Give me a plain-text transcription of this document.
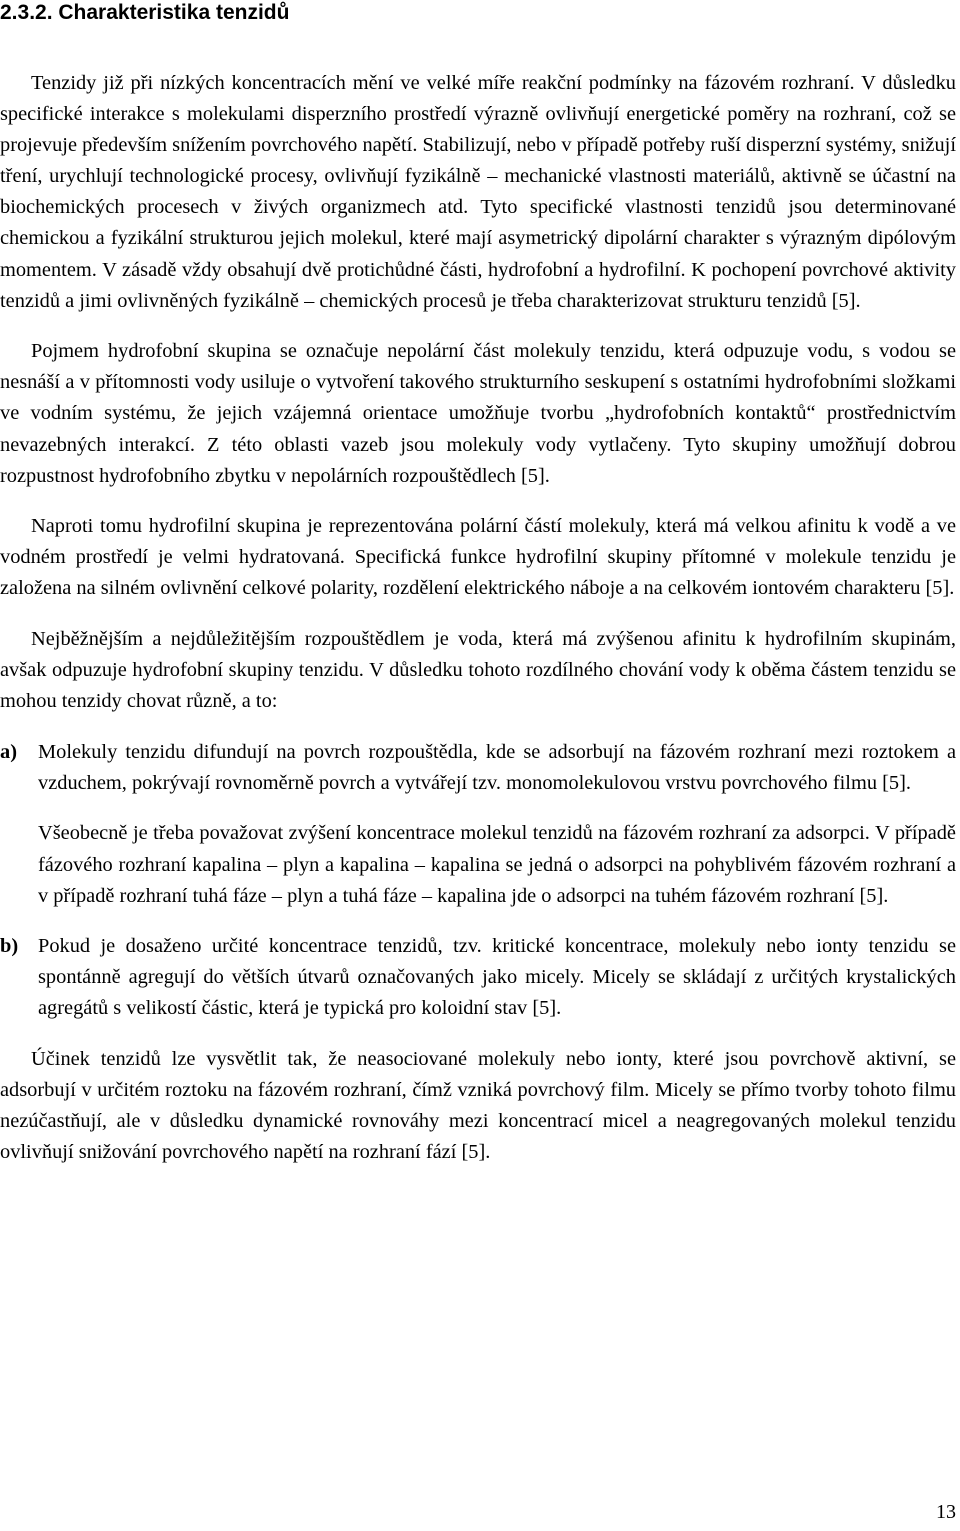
2.3.2. Charakteristika tenzidů

Tenzidy již při nízkých koncentracích mění ve velké míře reakční podmínky na fázovém rozhraní. V důsledku specifické interakce s molekulami disperzního prostředí výrazně ovlivňují energetické poměry na rozhraní, což se projevuje především snížením povrchového napětí. Stabilizují, nebo v případě potřeby ruší disperzní systémy, snižují tření, urychlují technologické procesy, ovlivňují fyzikálně – mechanické vlastnosti materiálů, aktivně se účastní na biochemických procesech v živých organizmech atd. Tyto specifické vlastnosti tenzidů jsou determinované chemickou a fyzikální strukturou jejich molekul, které mají asymetrický dipolární charakter s výrazným dipólovým momentem. V zásadě vždy obsahují dvě protichůdné části, hydrofobní a hydrofilní. K pochopení povrchové aktivity tenzidů a jimi ovlivněných fyzikálně – chemických procesů je třeba charakterizovat strukturu tenzidů [5].

Pojmem hydrofobní skupina se označuje nepolární část molekuly tenzidu, která odpuzuje vodu, s vodou se nesnáší a v přítomnosti vody usiluje o vytvoření takového strukturního seskupení s ostatními hydrofobními složkami ve vodním systému, že jejich vzájemná orientace umožňuje tvorbu „hydrofobních kontaktů“ prostřednictvím nevazebných interakcí. Z této oblasti vazeb jsou molekuly vody vytlačeny. Tyto skupiny umožňují dobrou rozpustnost hydrofobního zbytku v nepolárních rozpouštědlech [5].

Naproti tomu hydrofilní skupina je reprezentována polární částí molekuly, která má velkou afinitu k vodě a ve vodném prostředí je velmi hydratovaná. Specifická funkce hydrofilní skupiny přítomné v molekule tenzidu je založena na silném ovlivnění celkové polarity, rozdělení elektrického náboje a na celkovém iontovém charakteru [5].

Nejběžnějším a nejdůležitějším rozpouštědlem je voda, která má zvýšenou afinitu k hydrofilním skupinám, avšak odpuzuje hydrofobní skupiny tenzidu. V důsledku tohoto rozdílného chování vody k oběma částem tenzidu se mohou tenzidy chovat různě, a to:

a)	Molekuly tenzidu difundují na povrch rozpouštědla, kde se adsorbují na fázovém rozhraní mezi roztokem a vzduchem, pokrývají rovnoměrně povrch a vytvářejí tzv. monomolekulovou vrstvu povrchového filmu [5].

Všeobecně je třeba považovat zvýšení koncentrace molekul tenzidů na fázovém rozhraní za adsorpci. V případě fázového rozhraní kapalina – plyn a kapalina – kapalina se jedná o adsorpci na pohyblivém fázovém rozhraní a v případě rozhraní tuhá fáze – plyn a tuhá fáze – kapalina jde o adsorpci na tuhém fázovém rozhraní [5].

b) Pokud je dosaženo určité koncentrace tenzidů, tzv. kritické koncentrace, molekuly nebo ionty tenzidu se spontánně agregují do větších útvarů označovaných jako micely. Micely se skládají z určitých krystalických agregátů s velikostí částic, která je typická pro koloidní stav [5].

Účinek tenzidů lze vysvětlit tak, že neasociované molekuly nebo ionty, které jsou povrchově aktivní, se adsorbují v určitém roztoku na fázovém rozhraní, čímž vzniká povrchový film. Micely se přímo tvorby tohoto filmu nezúčastňují, ale v důsledku dynamické rovnováhy mezi koncentrací micel a neagregovaných molekul tenzidu ovlivňují snižování povrchového napětí na rozhraní fází [5].

13
